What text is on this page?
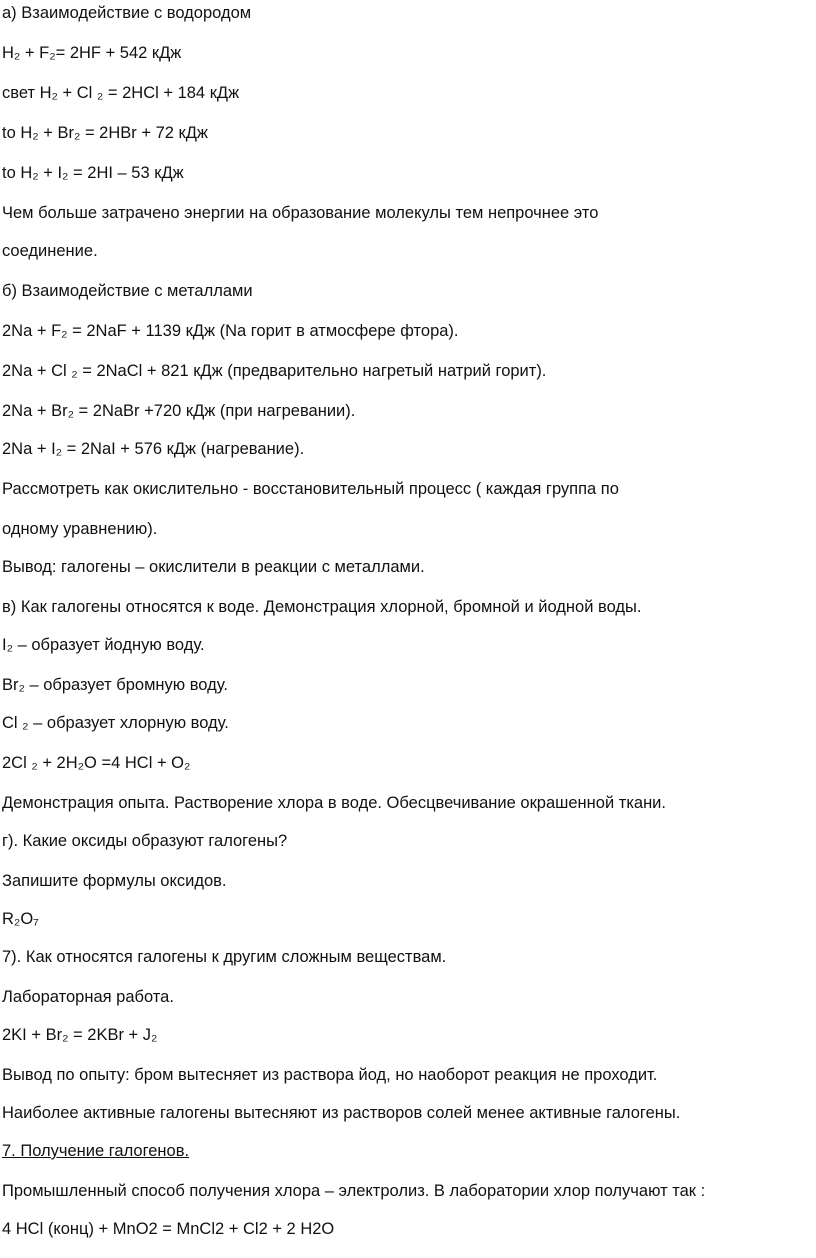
а) Взаимодействие с водородом
H₂ + F₂= 2HF + 542 кДж
свет H₂ + Cl ₂ = 2HCl + 184 кДж
to H₂ + Br₂ = 2HBr + 72 кДж
to H₂ + I₂ = 2HI – 53 кДж
Чем больше затрачено энергии на образование молекулы тем непрочнее это
соединение.
б) Взаимодействие с металлами
2Na + F₂ = 2NaF + 1139 кДж (Na горит в атмосфере фтора).
2Na + Cl ₂ = 2NaCl + 821 кДж (предварительно нагретый натрий горит).
2Na + Br₂ = 2NaBr +720 кДж (при нагревании).
2Na + I₂ = 2NaI + 576 кДж (нагревание).
Рассмотреть как окислительно - восстановительный процесс ( каждая группа по
одному уравнению).
Вывод: галогены – окислители в реакции с металлами.
в) Как галогены относятся к воде. Демонстрация хлорной, бромной и йодной воды.
I₂ – образует йодную воду.
Br₂ – образует бромную воду.
Cl ₂ – образует хлорную воду.
2Cl ₂ + 2H₂O =4 HCl + O₂
Демонстрация опыта. Растворение хлора в воде. Обесцвечивание окрашенной ткани.
г). Какие оксиды образуют галогены?
Запишите формулы оксидов.
R₂O₇
7). Как относятся галогены к другим сложным веществам.
Лабораторная работа.
2KI + Br₂ = 2KBr + J₂
Вывод по опыту: бром вытесняет из раствора йод, но наоборот реакция не проходит.
Наиболее активные галогены вытесняют из растворов солей менее активные галогены.
7. Получение галогенов.
Промышленный способ получения хлора – электролиз. В лаборатории хлор получают так :
4 HCl (конц) + MnO2 = MnCl2 + Cl2 + 2 H2O
